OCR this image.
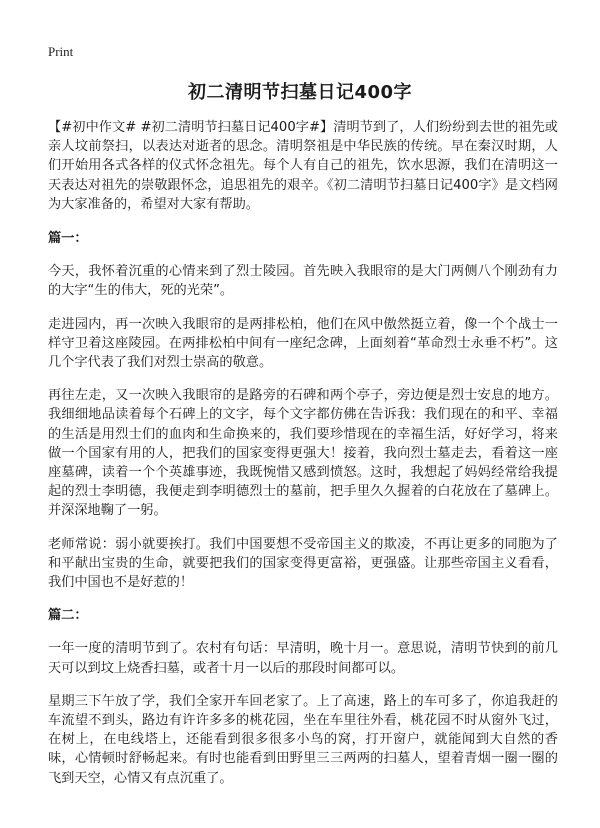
Print
初二清明节扫墓日记400字

【#初中作文# #初二清明节扫墓日记400字#】清明节到了，人们纷纷到去世的祖先或亲人坟前祭扫，以表达对逝者的思念。清明祭祖是中华民族的传统。早在秦汉时期，人们开始用各式各样的仪式怀念祖先。每个人有自己的祖先，饮水思源，我们在清明这一天表达对祖先的崇敬跟怀念，追思祖先的艰辛。《初二清明节扫墓日记400字》是文档网为大家准备的，希望对大家有帮助。

篇一：

今天，我怀着沉重的心情来到了烈士陵园。首先映入我眼帘的是大门两侧八个刚劲有力的大字“生的伟大，死的光荣”。

走进园内，再一次映入我眼帘的是两排松柏，他们在风中傲然挺立着，像一个个战士一样守卫着这座陵园。在两排松柏中间有一座纪念碑，上面刻着“革命烈士永垂不朽”。这几个字代表了我们对烈士崇高的敬意。

再往左走，又一次映入我眼帘的是路旁的石碑和两个亭子，旁边便是烈士安息的地方。我细细地品读着每个石碑上的文字，每个文字都仿佛在告诉我：我们现在的和平、幸福的生活是用烈士们的血肉和生命换来的，我们要珍惜现在的幸福生活，好好学习，将来做一个国家有用的人，把我们的国家变得更强大！接着，我向烈士墓走去，看着这一座座墓碑，读着一个个英雄事迹，我既惋惜又感到愤怒。这时，我想起了妈妈经常给我提起的烈士李明德，我便走到李明德烈士的墓前，把手里久久握着的白花放在了墓碑上。并深深地鞠了一躬。

老师常说：弱小就要挨打。我们中国要想不受帝国主义的欺凌，不再让更多的同胞为了和平献出宝贵的生命，就要把我们的国家变得更富裕，更强盛。让那些帝国主义看看，我们中国也不是好惹的！

篇二：

一年一度的清明节到了。农村有句话：早清明，晚十月一。意思说，清明节快到的前几天可以到坟上烧香扫墓，或者十月一以后的那段时间都可以。

星期三下午放了学，我们全家开车回老家了。上了高速，路上的车可多了，你追我赶的车流望不到头，路边有许许多多的桃花园，坐在车里往外看，桃花园不时从窗外飞过，在树上，在电线塔上，还能看到很多很多小鸟的窝，打开窗户，就能闻到大自然的香味，心情顿时舒畅起来。有时也能看到田野里三三两两的扫墓人，望着青烟一圈一圈的飞到天空，心情又有点沉重了。
